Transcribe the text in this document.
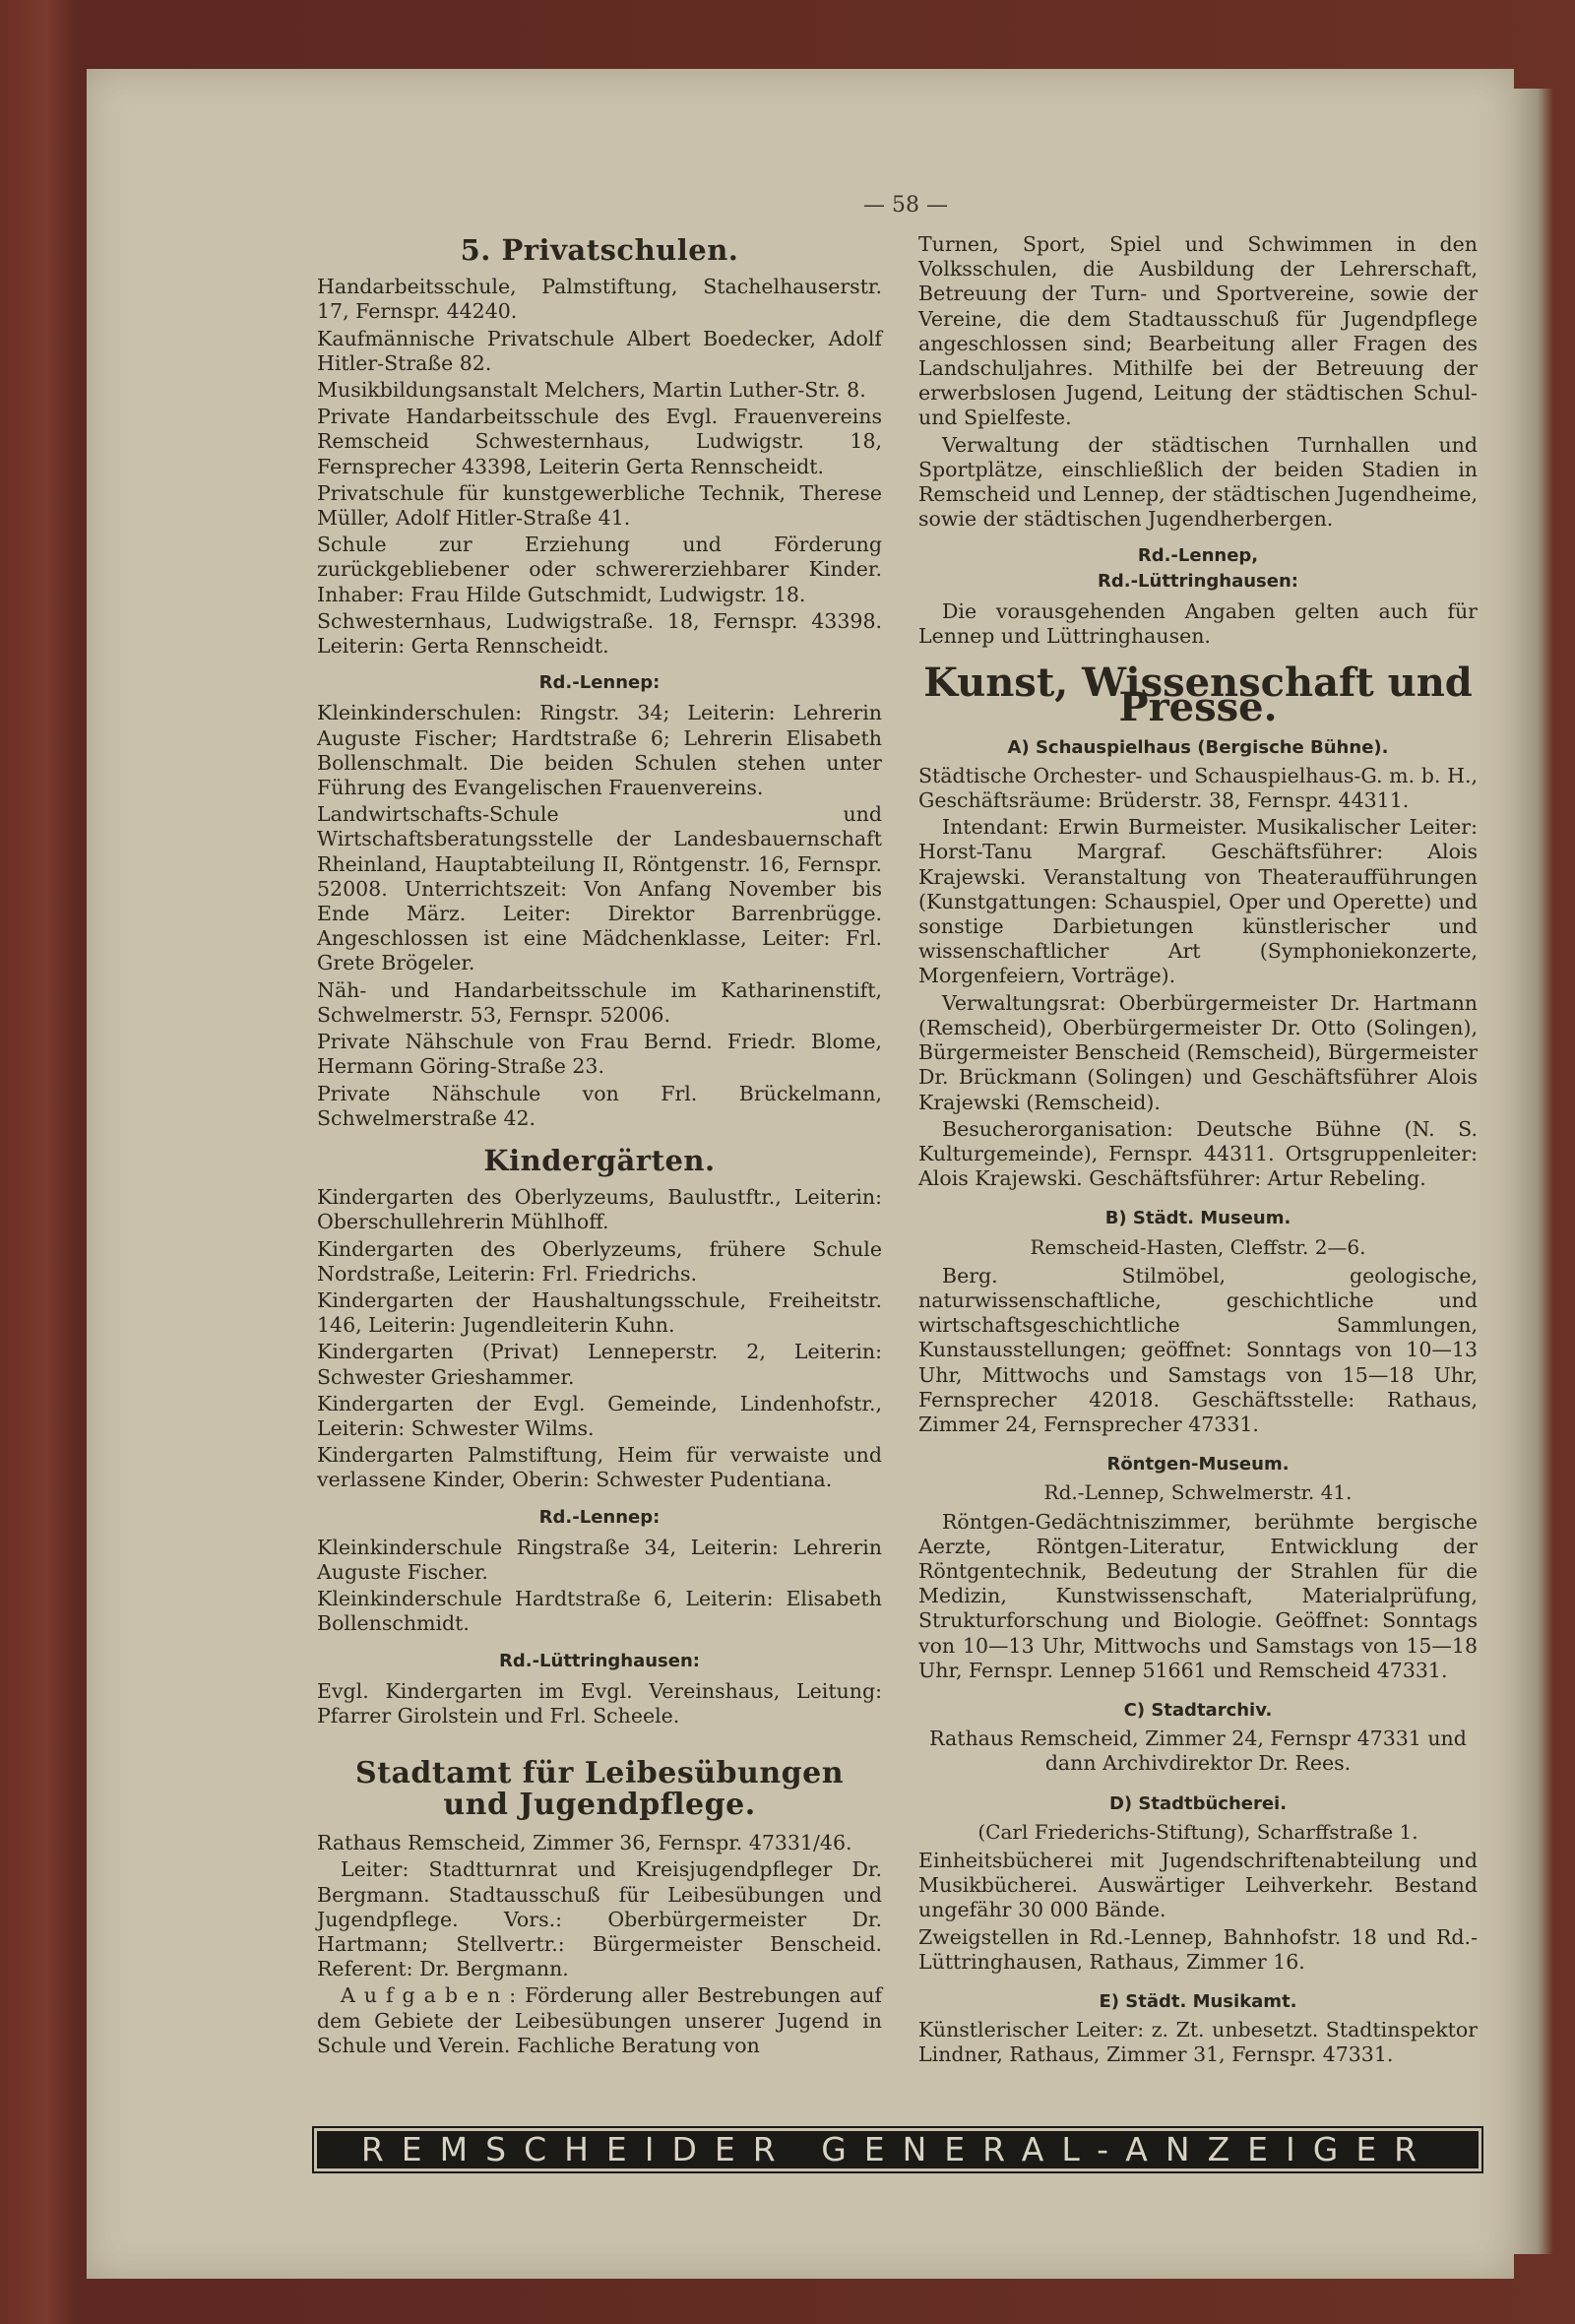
— 58 —
5. Privatschulen.

Handarbeitsschule, Palmstiftung, Stachelhauserstr. 17, Fernspr. 44240.

Kaufmännische Privatschule Albert Boedecker, Adolf Hitler-Straße 82.

Musikbildungsanstalt Melchers, Martin Luther-Str. 8.

Private Handarbeitsschule des Evgl. Frauenvereins Remscheid Schwesternhaus, Ludwigstr. 18, Fernsprecher 43398, Leiterin Gerta Rennscheidt.

Privatschule für kunstgewerbliche Technik, Therese Müller, Adolf Hitler-Straße 41.

Schule zur Erziehung und Förderung zurückgebliebener oder schwererziehbarer Kinder. Inhaber: Frau Hilde Gutschmidt, Ludwigstr. 18.

Schwesternhaus, Ludwigstraße. 18, Fernspr. 43398. Leiterin: Gerta Rennscheidt.

Rd.-Lennep:

Kleinkinderschulen: Ringstr. 34; Leiterin: Lehrerin Auguste Fischer; Hardtstraße 6; Lehrerin Elisabeth Bollenschmalt. Die beiden Schulen stehen unter Führung des Evangelischen Frauenvereins.

Landwirtschafts-Schule und Wirtschaftsberatungsstelle der Landesbauernschaft Rheinland, Hauptabteilung II, Röntgenstr. 16, Fernspr. 52008. Unterrichtszeit: Von Anfang November bis Ende März. Leiter: Direktor Barrenbrügge. Angeschlossen ist eine Mädchenklasse, Leiter: Frl. Grete Brögeler.

Näh- und Handarbeitsschule im Katharinenstift, Schwelmerstr. 53, Fernspr. 52006.

Private Nähschule von Frau Bernd. Friedr. Blome, Hermann Göring-Straße 23.

Private Nähschule von Frl. Brückelmann, Schwelmerstraße 42.

Kindergärten.

Kindergarten des Oberlyzeums, Baulustftr., Leiterin: Oberschullehrerin Mühlhoff.

Kindergarten des Oberlyzeums, frühere Schule Nordstraße, Leiterin: Frl. Friedrichs.

Kindergarten der Haushaltungsschule, Freiheitstr. 146, Leiterin: Jugendleiterin Kuhn.

Kindergarten (Privat) Lenneperstr. 2, Leiterin: Schwester Grieshammer.

Kindergarten der Evgl. Gemeinde, Lindenhofstr., Leiterin: Schwester Wilms.

Kindergarten Palmstiftung, Heim für verwaiste und verlassene Kinder, Oberin: Schwester Pudentiana.

Rd.-Lennep:

Kleinkinderschule Ringstraße 34, Leiterin: Lehrerin Auguste Fischer.

Kleinkinderschule Hardtstraße 6, Leiterin: Elisabeth Bollenschmidt.

Rd.-Lüttringhausen:

Evgl. Kindergarten im Evgl. Vereinshaus, Leitung: Pfarrer Girolstein und Frl. Scheele.

Stadtamt für Leibesübungen
und Jugendpflege.

Rathaus Remscheid, Zimmer 36, Fernspr. 47331/46.

Leiter: Stadtturnrat und Kreisjugendpfleger Dr. Bergmann. Stadtausschuß für Leibesübungen und Jugendpflege. Vors.: Oberbürgermeister Dr. Hartmann; Stellvertr.: Bürgermeister Benscheid. Referent: Dr. Bergmann.

A u f g a b e n : Förderung aller Bestrebungen auf dem Gebiete der Leibesübungen unserer Jugend in Schule und Verein. Fachliche Beratung von

Turnen, Sport, Spiel und Schwimmen in den Volksschulen, die Ausbildung der Lehrerschaft, Betreuung der Turn- und Sportvereine, sowie der Vereine, die dem Stadtausschuß für Jugendpflege angeschlossen sind; Bearbeitung aller Fragen des Landschuljahres. Mithilfe bei der Betreuung der erwerbslosen Jugend, Leitung der städtischen Schul- und Spielfeste.

Verwaltung der städtischen Turnhallen und Sportplätze, einschließlich der beiden Stadien in Remscheid und Lennep, der städtischen Jugendheime, sowie der städtischen Jugendherbergen.

Rd.-Lennep,
Rd.-Lüttringhausen:

Die vorausgehenden Angaben gelten auch für Lennep und Lüttringhausen.

Kunst, Wissenschaft und Presse.
A) Schauspielhaus (Bergische Bühne).

Städtische Orchester- und Schauspielhaus-G. m. b. H., Geschäftsräume: Brüderstr. 38, Fernspr. 44311.

Intendant: Erwin Burmeister. Musikalischer Leiter: Horst-Tanu Margraf. Geschäftsführer: Alois Krajewski. Veranstaltung von Theateraufführungen (Kunstgattungen: Schauspiel, Oper und Operette) und sonstige Darbietungen künstlerischer und wissenschaftlicher Art (Symphoniekonzerte, Morgenfeiern, Vorträge).

Verwaltungsrat: Oberbürgermeister Dr. Hartmann (Remscheid), Oberbürgermeister Dr. Otto (Solingen), Bürgermeister Benscheid (Remscheid), Bürgermeister Dr. Brückmann (Solingen) und Geschäftsführer Alois Krajewski (Remscheid).

Besucherorganisation: Deutsche Bühne (N. S. Kulturgemeinde), Fernspr. 44311. Ortsgruppenleiter: Alois Krajewski. Geschäftsführer: Artur Rebeling.

B) Städt. Museum.
Remscheid-Hasten, Cleffstr. 2—6.

Berg. Stilmöbel, geologische, naturwissenschaftliche, geschichtliche und wirtschaftsgeschichtliche Sammlungen, Kunstausstellungen; geöffnet: Sonntags von 10—13 Uhr, Mittwochs und Samstags von 15—18 Uhr, Fernsprecher 42018. Geschäftsstelle: Rathaus, Zimmer 24, Fernsprecher 47331.

Röntgen-Museum.
Rd.-Lennep, Schwelmerstr. 41.

Röntgen-Gedächtniszimmer, berühmte bergische Aerzte, Röntgen-Literatur, Entwicklung der Röntgentechnik, Bedeutung der Strahlen für die Medizin, Kunstwissenschaft, Materialprüfung, Strukturforschung und Biologie. Geöffnet: Sonntags von 10—13 Uhr, Mittwochs und Samstags von 15—18 Uhr, Fernspr. Lennep 51661 und Remscheid 47331.

C) Stadtarchiv.

Rathaus Remscheid, Zimmer 24, Fernspr 47331 und dann Archivdirektor Dr. Rees.

D) Stadtbücherei.
(Carl Friederichs-Stiftung), Scharffstraße 1.

Einheitsbücherei mit Jugendschriftenabteilung und Musikbücherei. Auswärtiger Leihverkehr. Bestand ungefähr 30 000 Bände.

Zweigstellen in Rd.-Lennep, Bahnhofstr. 18 und Rd.-Lüttringhausen, Rathaus, Zimmer 16.

E) Städt. Musikamt.

Künstlerischer Leiter: z. Zt. unbesetzt. Stadtinspektor Lindner, Rathaus, Zimmer 31, Fernspr. 47331.

REMSCHEIDER GENERAL-ANZEIGER
